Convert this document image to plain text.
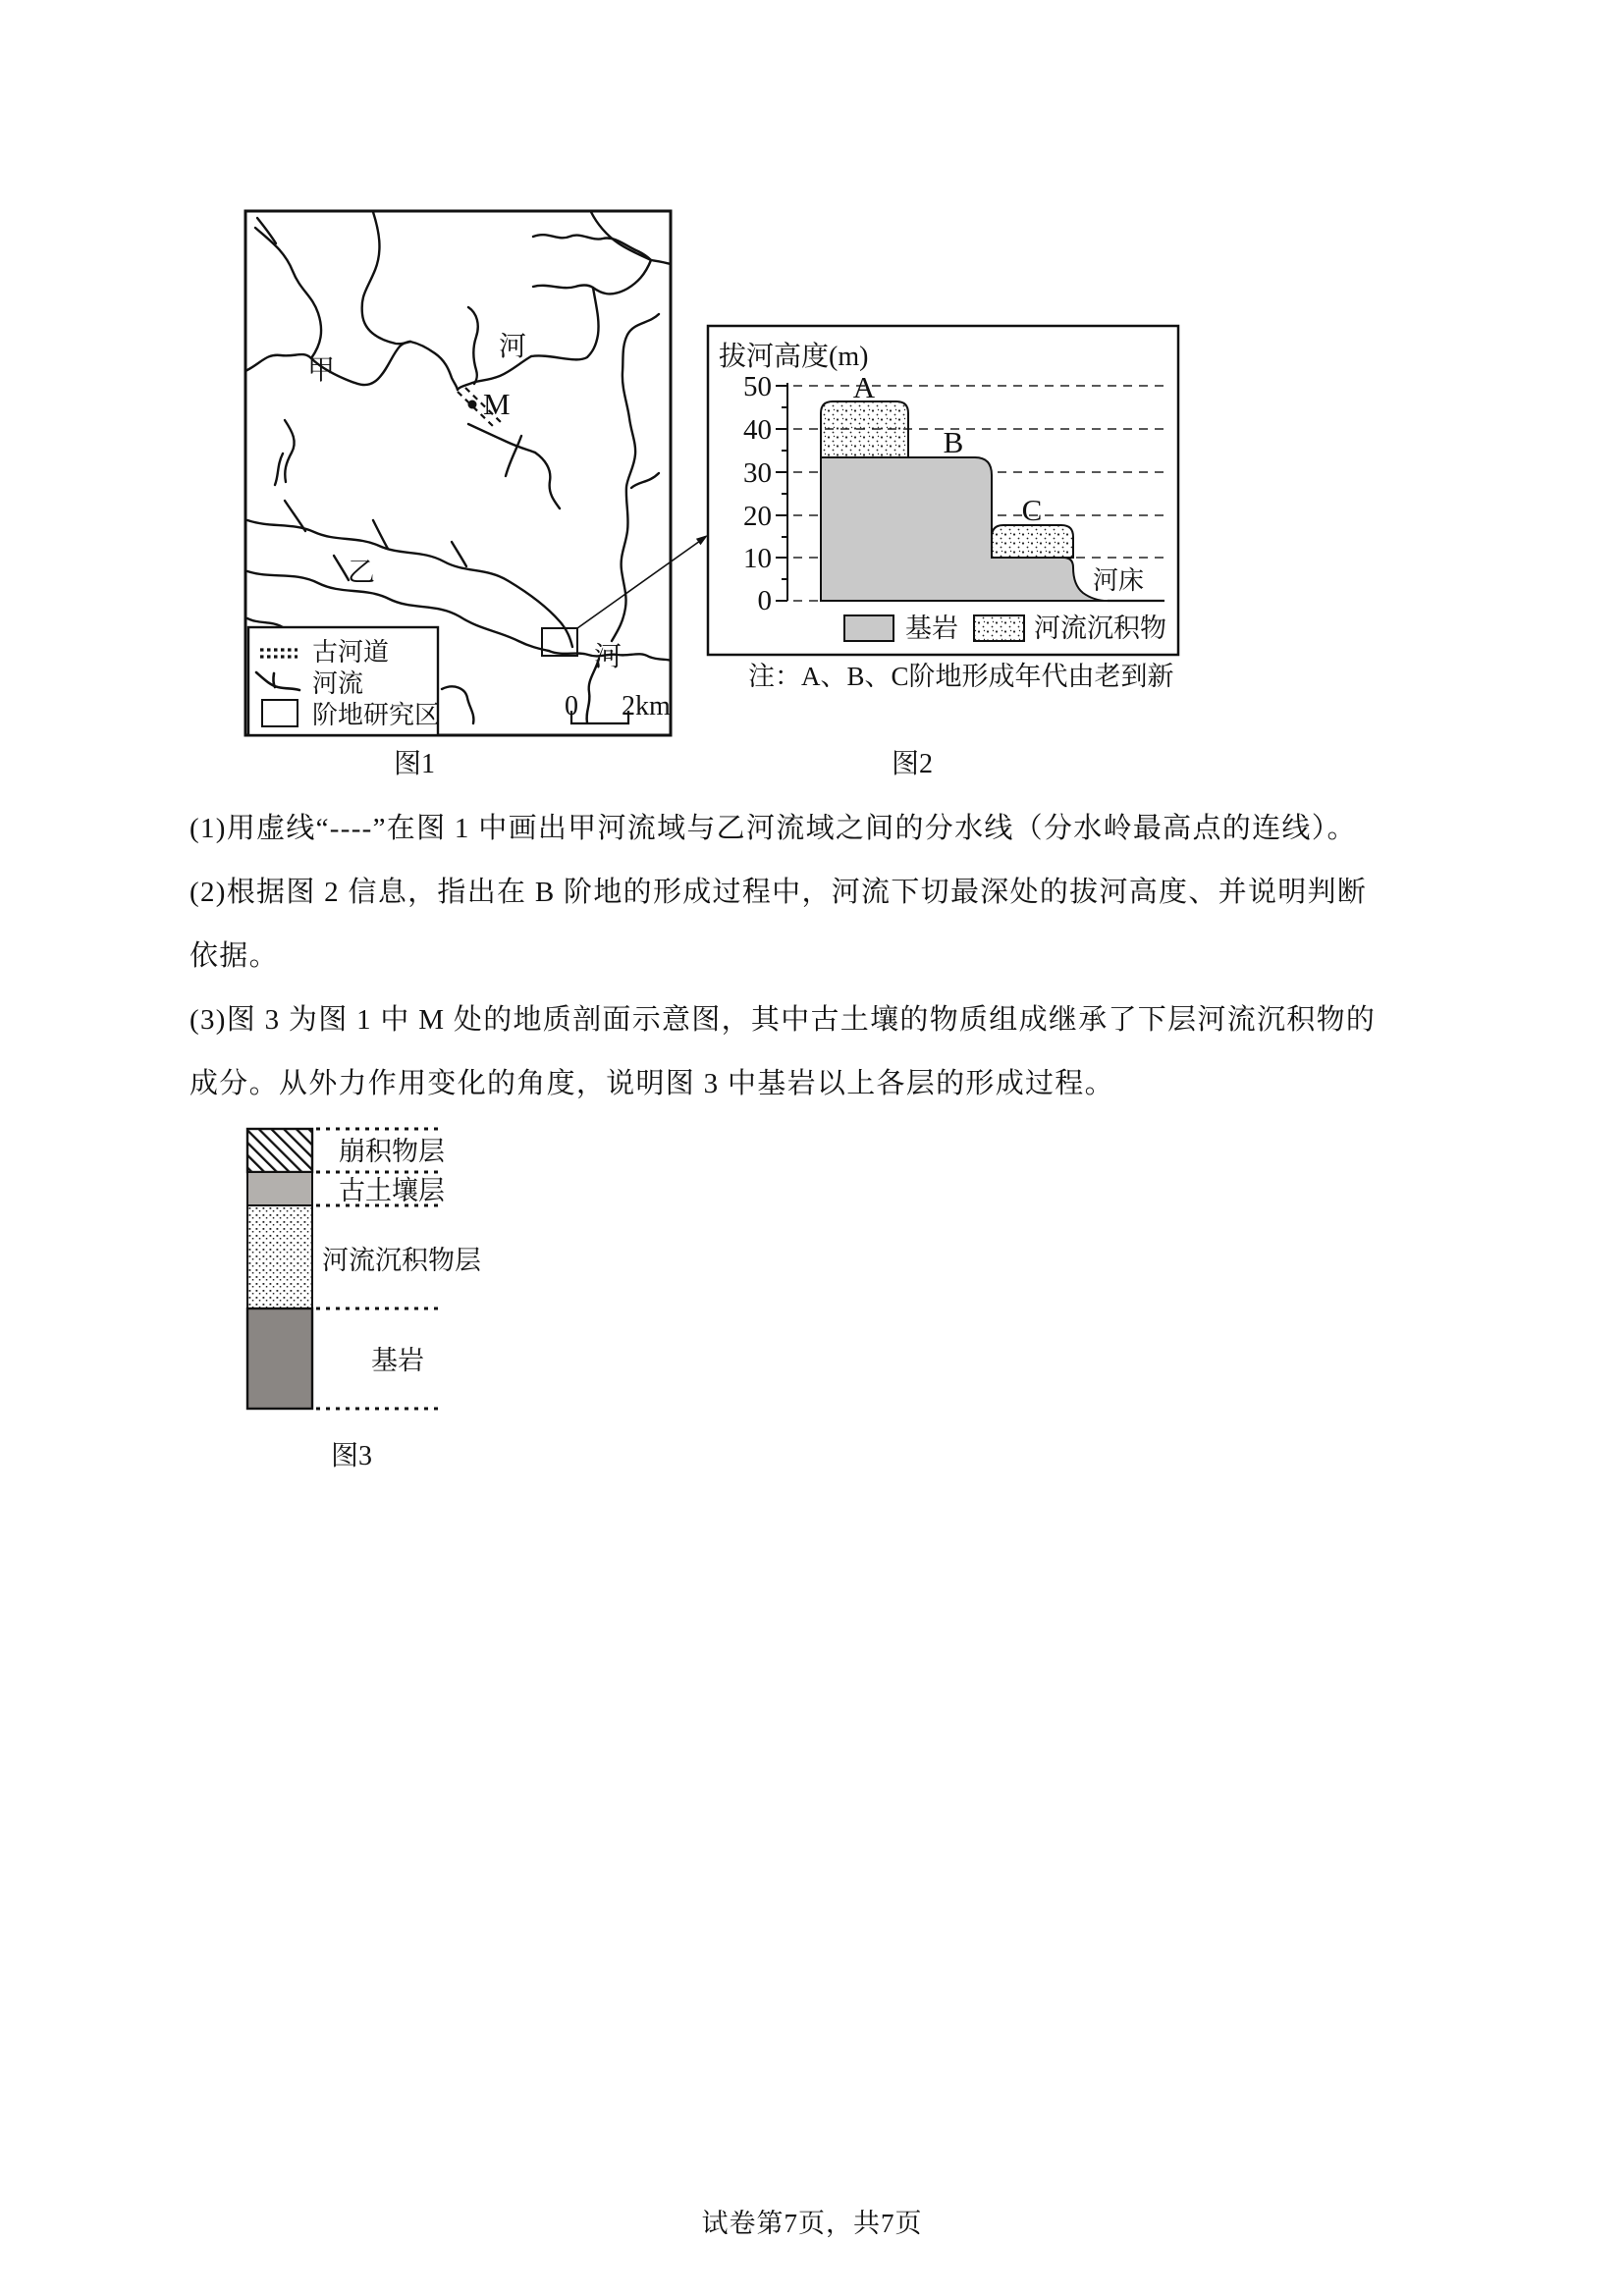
甲
河
M
乙
河
古河道
河流
阶地研究区	0 2km
图1
拔河高度(m)
50
40
30
20
10
0
A
B
C
河床
基岩	河流沉积物
注：A、B、C阶地形成年代由老到新
图2
(1)用虚线“----”在图 1 中画出甲河流域与乙河流域之间的分水线（分水岭最高点的连线）。
(2)根据图 2 信息，指出在 B 阶地的形成过程中，河流下切最深处的拔河高度、并说明判断
依据。
(3)图 3 为图 1 中 M 处的地质剖面示意图，其中古土壤的物质组成继承了下层河流沉积物的
成分。从外力作用变化的角度，说明图 3 中基岩以上各层的形成过程。
崩积物层
古土壤层
河流沉积物层
基岩
图3
试卷第7页，共7页
